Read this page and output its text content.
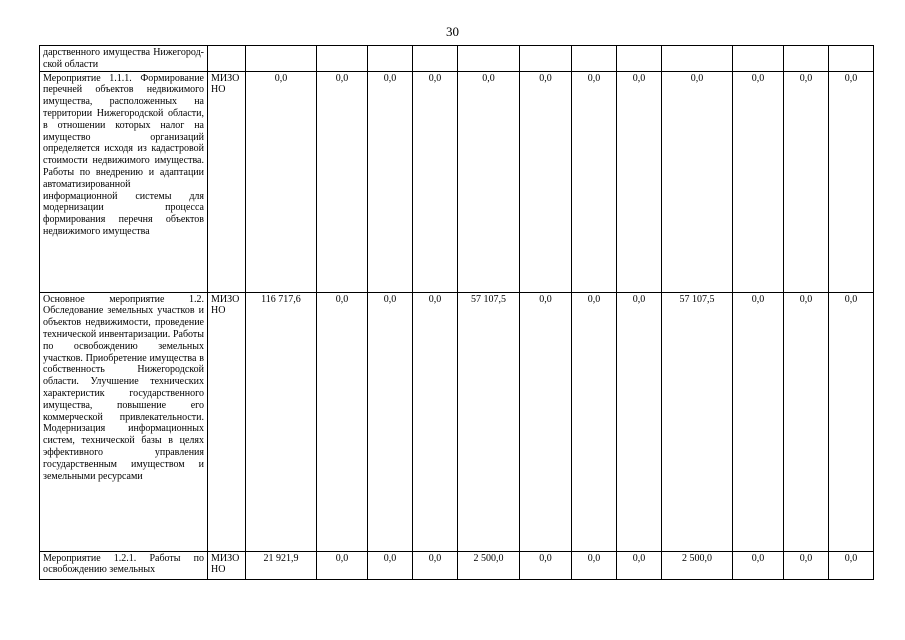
30
дарственного имущества Нижегородской области													
Мероприятие 1.1.1. Формирование перечней объектов недвижимого имущества, расположенных на территории Нижегородской области, в отношении которых налог на имущество организаций определяется исходя из кадастровой стоимости недвижимого имущества. Работы по внедрению и адаптации автоматизированной информационной системы для модернизации процесса формирования перечня объектов недвижимого имущества	МИЗО НО	0,0	0,0	0,0	0,0	0,0	0,0	0,0	0,0	0,0	0,0	0,0	0,0
Основное мероприятие 1.2. Обследование земельных участков и объектов недвижимости, проведение технической инвентаризации. Работы по освобождению земельных участков. Приобретение имущества в собственность Нижегородской области. Улучшение технических характеристик государственного имущества, повышение его коммерческой привлекательности. Модернизация информационных систем, технической базы в целях эффективного управления государственным имуществом и земельными ресурсами	МИЗО НО	116 717,6	0,0	0,0	0,0	57 107,5	0,0	0,0	0,0	57 107,5	0,0	0,0	0,0
Мероприятие 1.2.1. Работы по освобождению земельных	МИЗО НО	21 921,9	0,0	0,0	0,0	2 500,0	0,0	0,0	0,0	2 500,0	0,0	0,0	0,0
